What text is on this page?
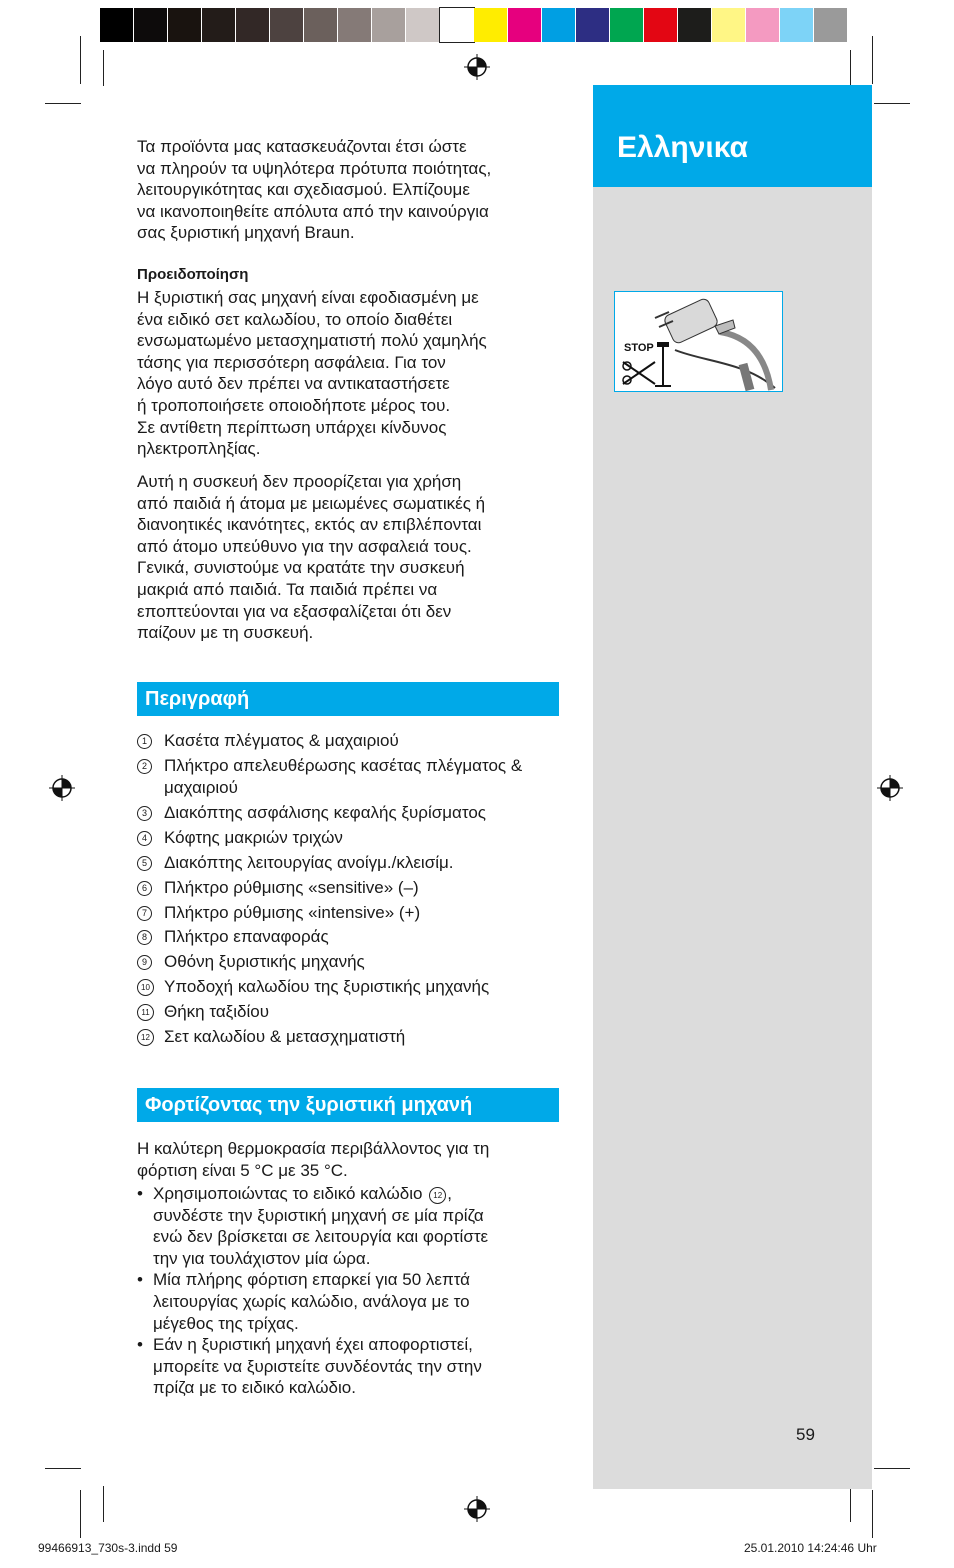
Ελληνικα
STOP

Τα προϊόντα μας κατασκευάζονται έτσι ώστε
να πληρούν τα υψηλότερα πρότυπα ποιότητας,
λειτουργικότητας και σχεδιασμού. Ελπίζουμε
να ικανοποιηθείτε απόλυτα από την καινούργια
σας ξυριστική μηχανή Braun.

Προειδοποίηση

Η ξυριστική σας μηχανή είναι εφοδιασμένη με
ένα ειδικό σετ καλωδίου, το οποίο διαθέτει
ενσωματωμένο μετασχηματιστή πολύ χαμηλής
τάσης για περισσότερη ασφάλεια. Για τον
λόγο αυτό δεν πρέπει να αντικαταστήσετε
ή τροποποιήσετε οποιοδήποτε μέρος του.
Σε αντίθετη περίπτωση υπάρχει κίνδυνος
ηλεκτροπληξίας.

Αυτή η συσκευή δεν προορίζεται για χρήση
από παιδιά ή άτομα με μειωμένες σωματικές ή
διανοητικές ικανότητες, εκτός αν επιβλέπονται
από άτομο υπεύθυνο για την ασφαλειά τους.
Γενικά, συνιστούμε να κρατάτε την συσκευή
μακριά από παιδιά. Τα παιδιά πρέπει να
εποπτεύονται για να εξασφαλίζεται ότι δεν
παίζουν με τη συσκευή.

Περιγραφή
1 Κασέτα πλέγματος & μαχαιριού
2 Πλήκτρο απελευθέρωσης κασέτας πλέγματος & μαχαιριού
3 Διακόπτης ασφάλισης κεφαλής ξυρίσματος
4 Κόφτης μακριών τριχών
5 Διακόπτης λειτουργίας ανοίγμ./κλεισίμ.
6 Πλήκτρο ρύθμισης «sensitive» (–)
7 Πλήκτρο ρύθμισης «intensive» (+)
8 Πλήκτρο επαναφοράς
9 Οθόνη ξυριστικής μηχανής
10 Υποδοχή καλωδίου της ξυριστικής μηχανής
11 Θήκη ταξιδίου
12 Σετ καλωδίου & μετασχηματιστή
Φορτίζοντας την ξυριστική μηχανή

Η καλύτερη θερμοκρασία περιβάλλοντος για τη
φόρτιση είναι 5 °C με 35 °C.

• Χρησιμοποιώντας το ειδικό καλώδιο 12 ,
συνδέστε την ξυριστική μηχανή σε μία πρίζα
ενώ δεν βρίσκεται σε λειτουργία και φορτίστε
την για τουλάχιστον μία ώρα.
• Μία πλήρης φόρτιση επαρκεί για 50 λεπτά
λειτουργίας χωρίς καλώδιο, ανάλογα με το
μέγεθος της τρίχας.
• Εάν η ξυριστική μηχανή έχει αποφορτιστεί,
μπορείτε να ξυριστείτε συνδέοντάς την στην
πρίζα με το ειδικό καλώδιο.
59
99466913_730s-3.indd 59	25.01.2010 14:24:46 Uhr
